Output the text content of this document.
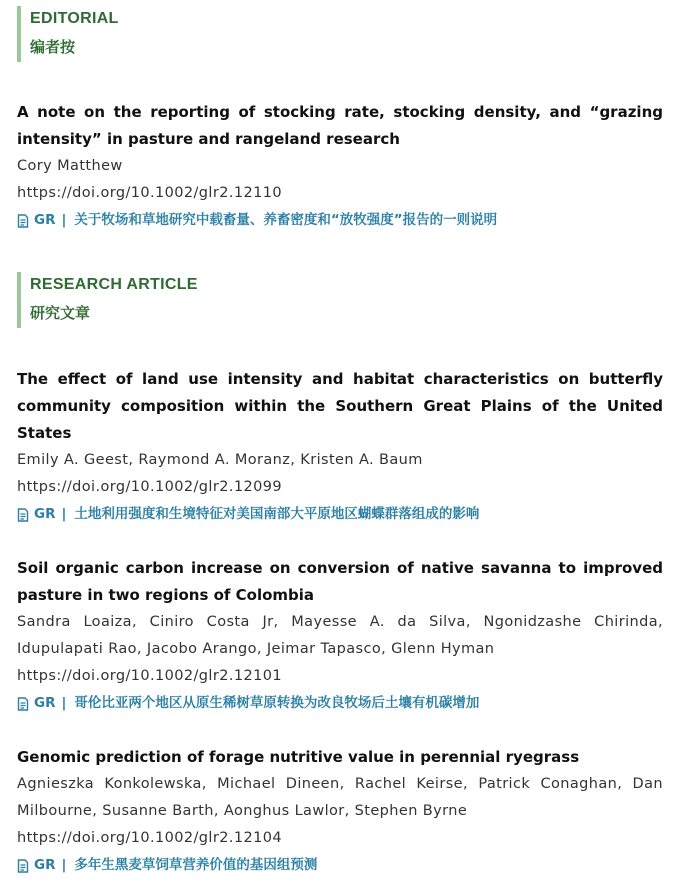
EDITORIAL
编者按
A note on the reporting of stocking rate, stocking density, and “grazing intensity” in pasture and rangeland research
Cory Matthew
https://doi.org/10.1002/glr2.12110
GR | 关于牧场和草地研究中载畜量、养畜密度和“放牧强度”报告的一则说明
RESEARCH ARTICLE
研究文章
The effect of land use intensity and habitat characteristics on butterfly community composition within the Southern Great Plains of the United States
Emily A. Geest, Raymond A. Moranz, Kristen A. Baum
https://doi.org/10.1002/glr2.12099
GR | 土地利用强度和生境特征对美国南部大平原地区蝴蝶群落组成的影响
Soil organic carbon increase on conversion of native savanna to improved pasture in two regions of Colombia
Sandra Loaiza, Ciniro Costa Jr, Mayesse A. da Silva, Ngonidzashe Chirinda, Idupulapati Rao, Jacobo Arango, Jeimar Tapasco, Glenn Hyman
https://doi.org/10.1002/glr2.12101
GR | 哥伦比亚两个地区从原生稀树草原转换为改良牧场后土壤有机碳增加
Genomic prediction of forage nutritive value in perennial ryegrass
Agnieszka Konkolewska, Michael Dineen, Rachel Keirse, Patrick Conaghan, Dan Milbourne, Susanne Barth, Aonghus Lawlor, Stephen Byrne
https://doi.org/10.1002/glr2.12104
GR | 多年生黑麦草饲草营养价值的基因组预测
